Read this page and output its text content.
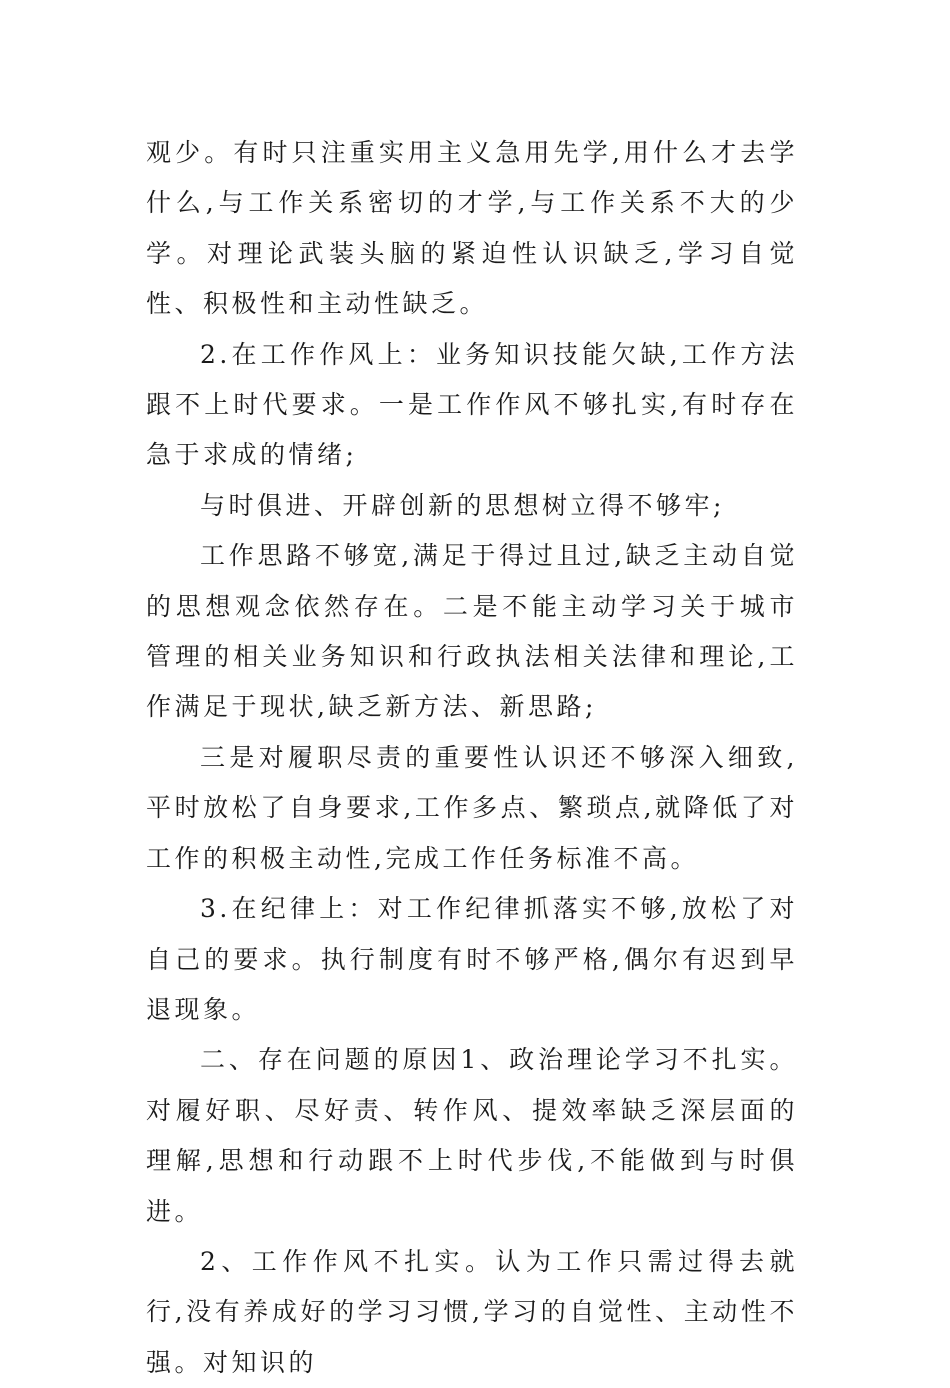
观少。有时只注重实用主义急用先学,用什么才去学什么,与工作关系密切的才学,与工作关系不大的少学。对理论武装头脑的紧迫性认识缺乏,学习自觉性、积极性和主动性缺乏。

2.在工作作风上：业务知识技能欠缺,工作方法跟不上时代要求。一是工作作风不够扎实,有时存在急于求成的情绪;

与时俱进、开辟创新的思想树立得不够牢;

工作思路不够宽,满足于得过且过,缺乏主动自觉的思想观念依然存在。二是不能主动学习关于城市管理的相关业务知识和行政执法相关法律和理论,工作满足于现状,缺乏新方法、新思路;

三是对履职尽责的重要性认识还不够深入细致,平时放松了自身要求,工作多点、繁琐点,就降低了对工作的积极主动性,完成工作任务标准不高。

3.在纪律上：对工作纪律抓落实不够,放松了对自己的要求。执行制度有时不够严格,偶尔有迟到早退现象。

二、存在问题的原因1、政治理论学习不扎实。对履好职、尽好责、转作风、提效率缺乏深层面的理解,思想和行动跟不上时代步伐,不能做到与时俱进。

2、工作作风不扎实。认为工作只需过得去就行,没有养成好的学习习惯,学习的自觉性、主动性不强。对知识的
